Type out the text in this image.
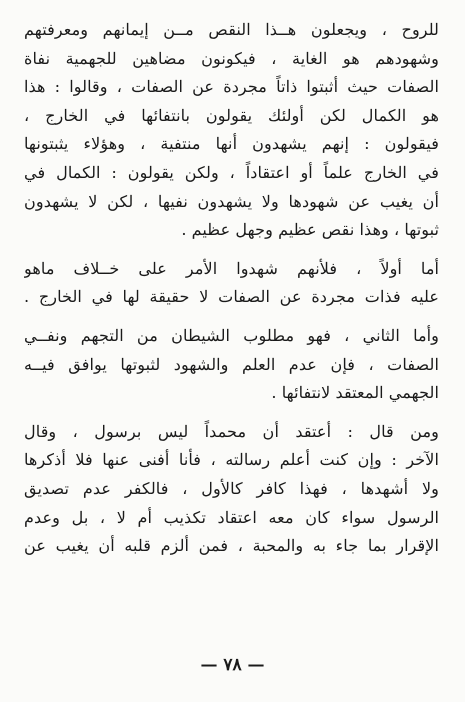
للروح ، ويجعلون هــذا النقص مــن إيمانهم ومعرفتهم
وشهودهم هو الغاية ، فيكونون مضاهين للجهمية نفاة
الصفات حيث أثبتوا ذاتاً مجردة عن الصفات ، وقالوا : هذا
هو الكمال لكن أولئك يقولون بانتفائها في الخارج ،
فيقولون : إنهم يشهدون أنها منتفية ، وهؤلاء يثبتونها
في الخارج علماً أو اعتقاداً ، ولكن يقولون : الكمال في
أن يغيب عن شهودها ولا يشهدون نفيها ، لكن لا يشهدون
ثبوتها ، وهذا نقص عظيم وجهل عظيم .
أما أولاً ، فلأنهم شهدوا الأمر على خــلاف ماهو
عليه فذات مجردة عن الصفات لا حقيقة لها في الخارج .
وأما الثاني ، فهو مطلوب الشيطان من التجهم ونفــي
الصفات ، فإن عدم العلم والشهود لثبوتها يوافق فيــه
الجهمي المعتقد لانتفائها .
ومن قال : أعتقد أن محمداً ليس برسول ، وقال
الآخر : وإن كنت أعلم رسالته ، فأنا أفنى عنها فلا أذكرها
ولا أشهدها ، فهذا كافر كالأول ، فالكفر عدم تصديق
الرسول سواء كان معه اعتقاد تكذيب أم لا ، بل وعدم
الإقرار بما جاء به والمحبة ، فمن ألزم قلبه أن يغيب عن
— ٧٨ —
